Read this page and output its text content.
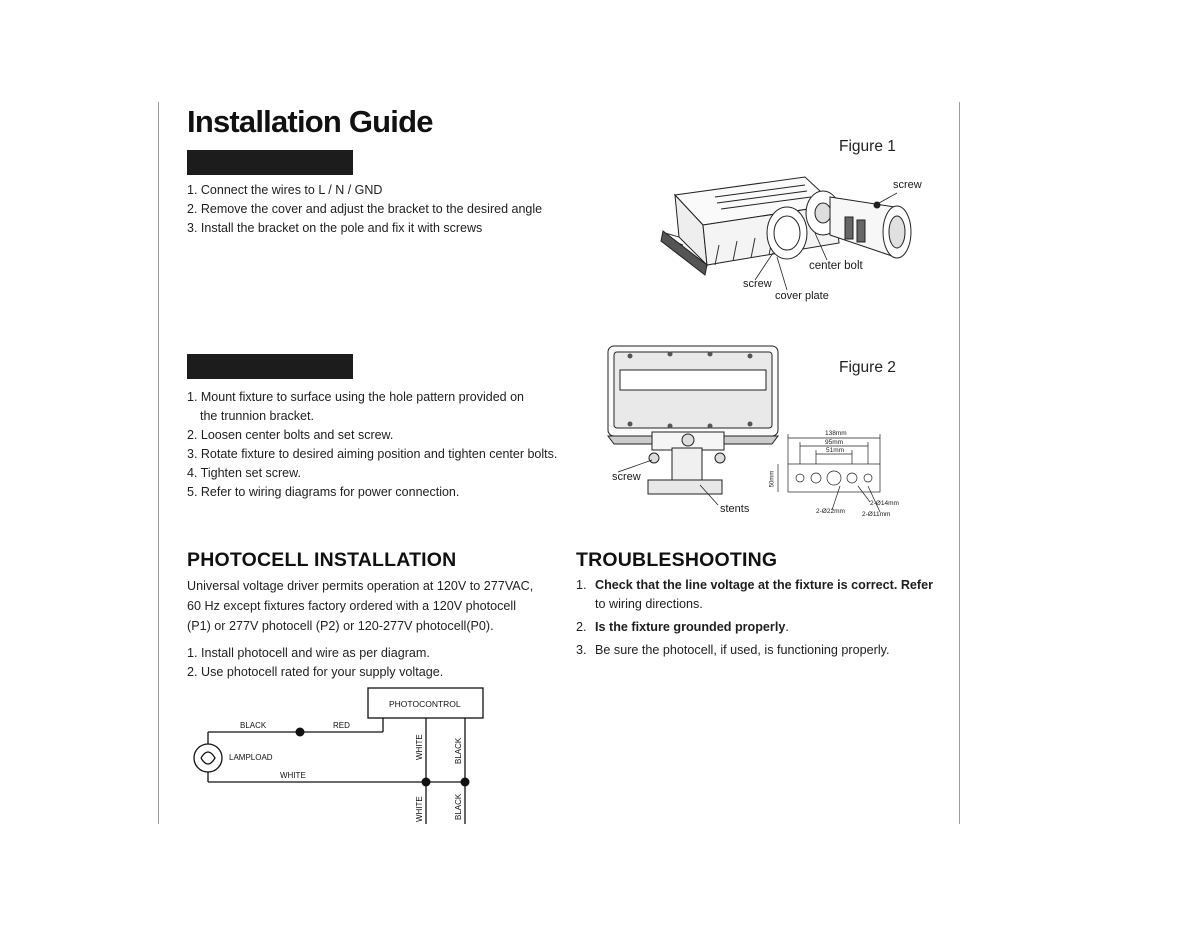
Installation Guide
1. Connect the wires to L / N / GND
2. Remove the cover and adjust the bracket to the desired angle
3. Install the bracket on the pole and fix it with screws
1. Mount fixture to surface using the hole pattern provided on
the trunnion bracket.
2. Loosen center bolts and set screw.
3. Rotate fixture to desired aiming position and tighten center bolts.
4. Tighten set screw.
5. Refer to wiring diagrams for power connection.
Figure 1
screw
center bolt
screw
cover plate
Figure 2
screw
stents
138mm
95mm
51mm
50mm
2-Ø14mm
2-Ø22mm	2-Ø11mm
PHOTOCELL INSTALLATION
Universal voltage driver permits operation at 120V to 277VAC,
60 Hz except fixtures factory ordered with a 120V photocell
(P1) or 277V photocell (P2) or 120-277V photocell(P0).
1. Install photocell and wire as per diagram.
2. Use photocell rated for your supply voltage.
PHOTOCONTROL
BLACK	RED
LAMPLOAD
WHITE
WHITE	BLACK
WHITE	BLACK
TROUBLESHOOTING
1. Check that the line voltage at the fixture is correct. Refer
to wiring directions.
2. Is the fixture grounded properly.
3. Be sure the photocell, if used, is functioning properly.
